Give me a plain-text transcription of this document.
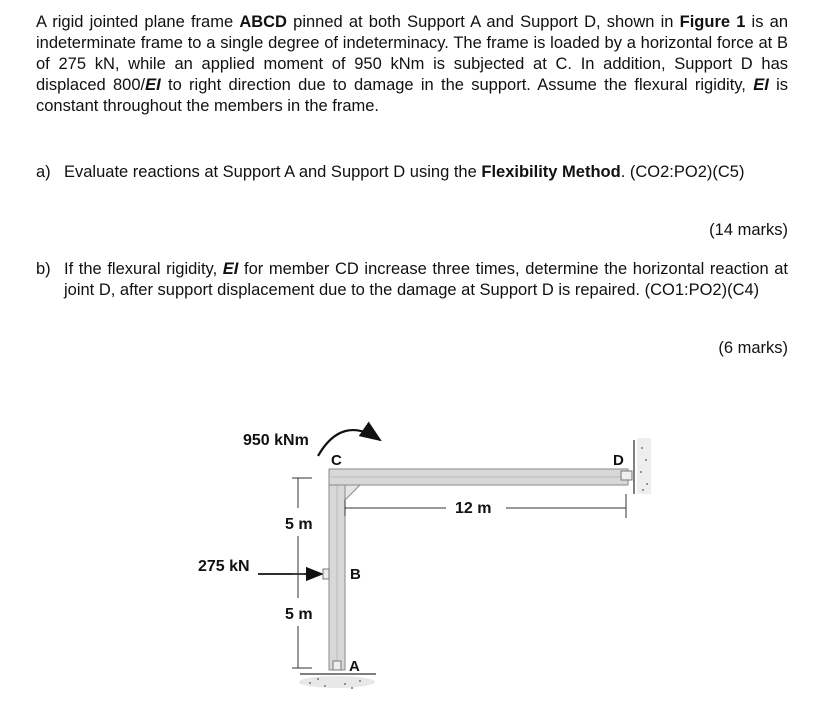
A rigid jointed plane frame ABCD pinned at both Support A and Support D, shown in Figure 1 is an indeterminate frame to a single degree of indeterminacy. The frame is loaded by a horizontal force at B of 275 kN, while an applied moment of 950 kNm is subjected at C. In addition, Support D has displaced 800/EI to right direction due to damage in the support. Assume the flexural rigidity, EI is constant throughout the members in the frame.
a) Evaluate reactions at Support A and Support D using the Flexibility Method. (CO2:PO2)(C5)
(14 marks)
b) If the flexural rigidity, EI for member CD increase three times, determine the horizontal reaction at joint D, after support displacement due to the damage at Support D is repaired. (CO1:PO2)(C4)
(6 marks)
950 kNm
275 kN
5 m
5 m
12 m
C	D
B
A
